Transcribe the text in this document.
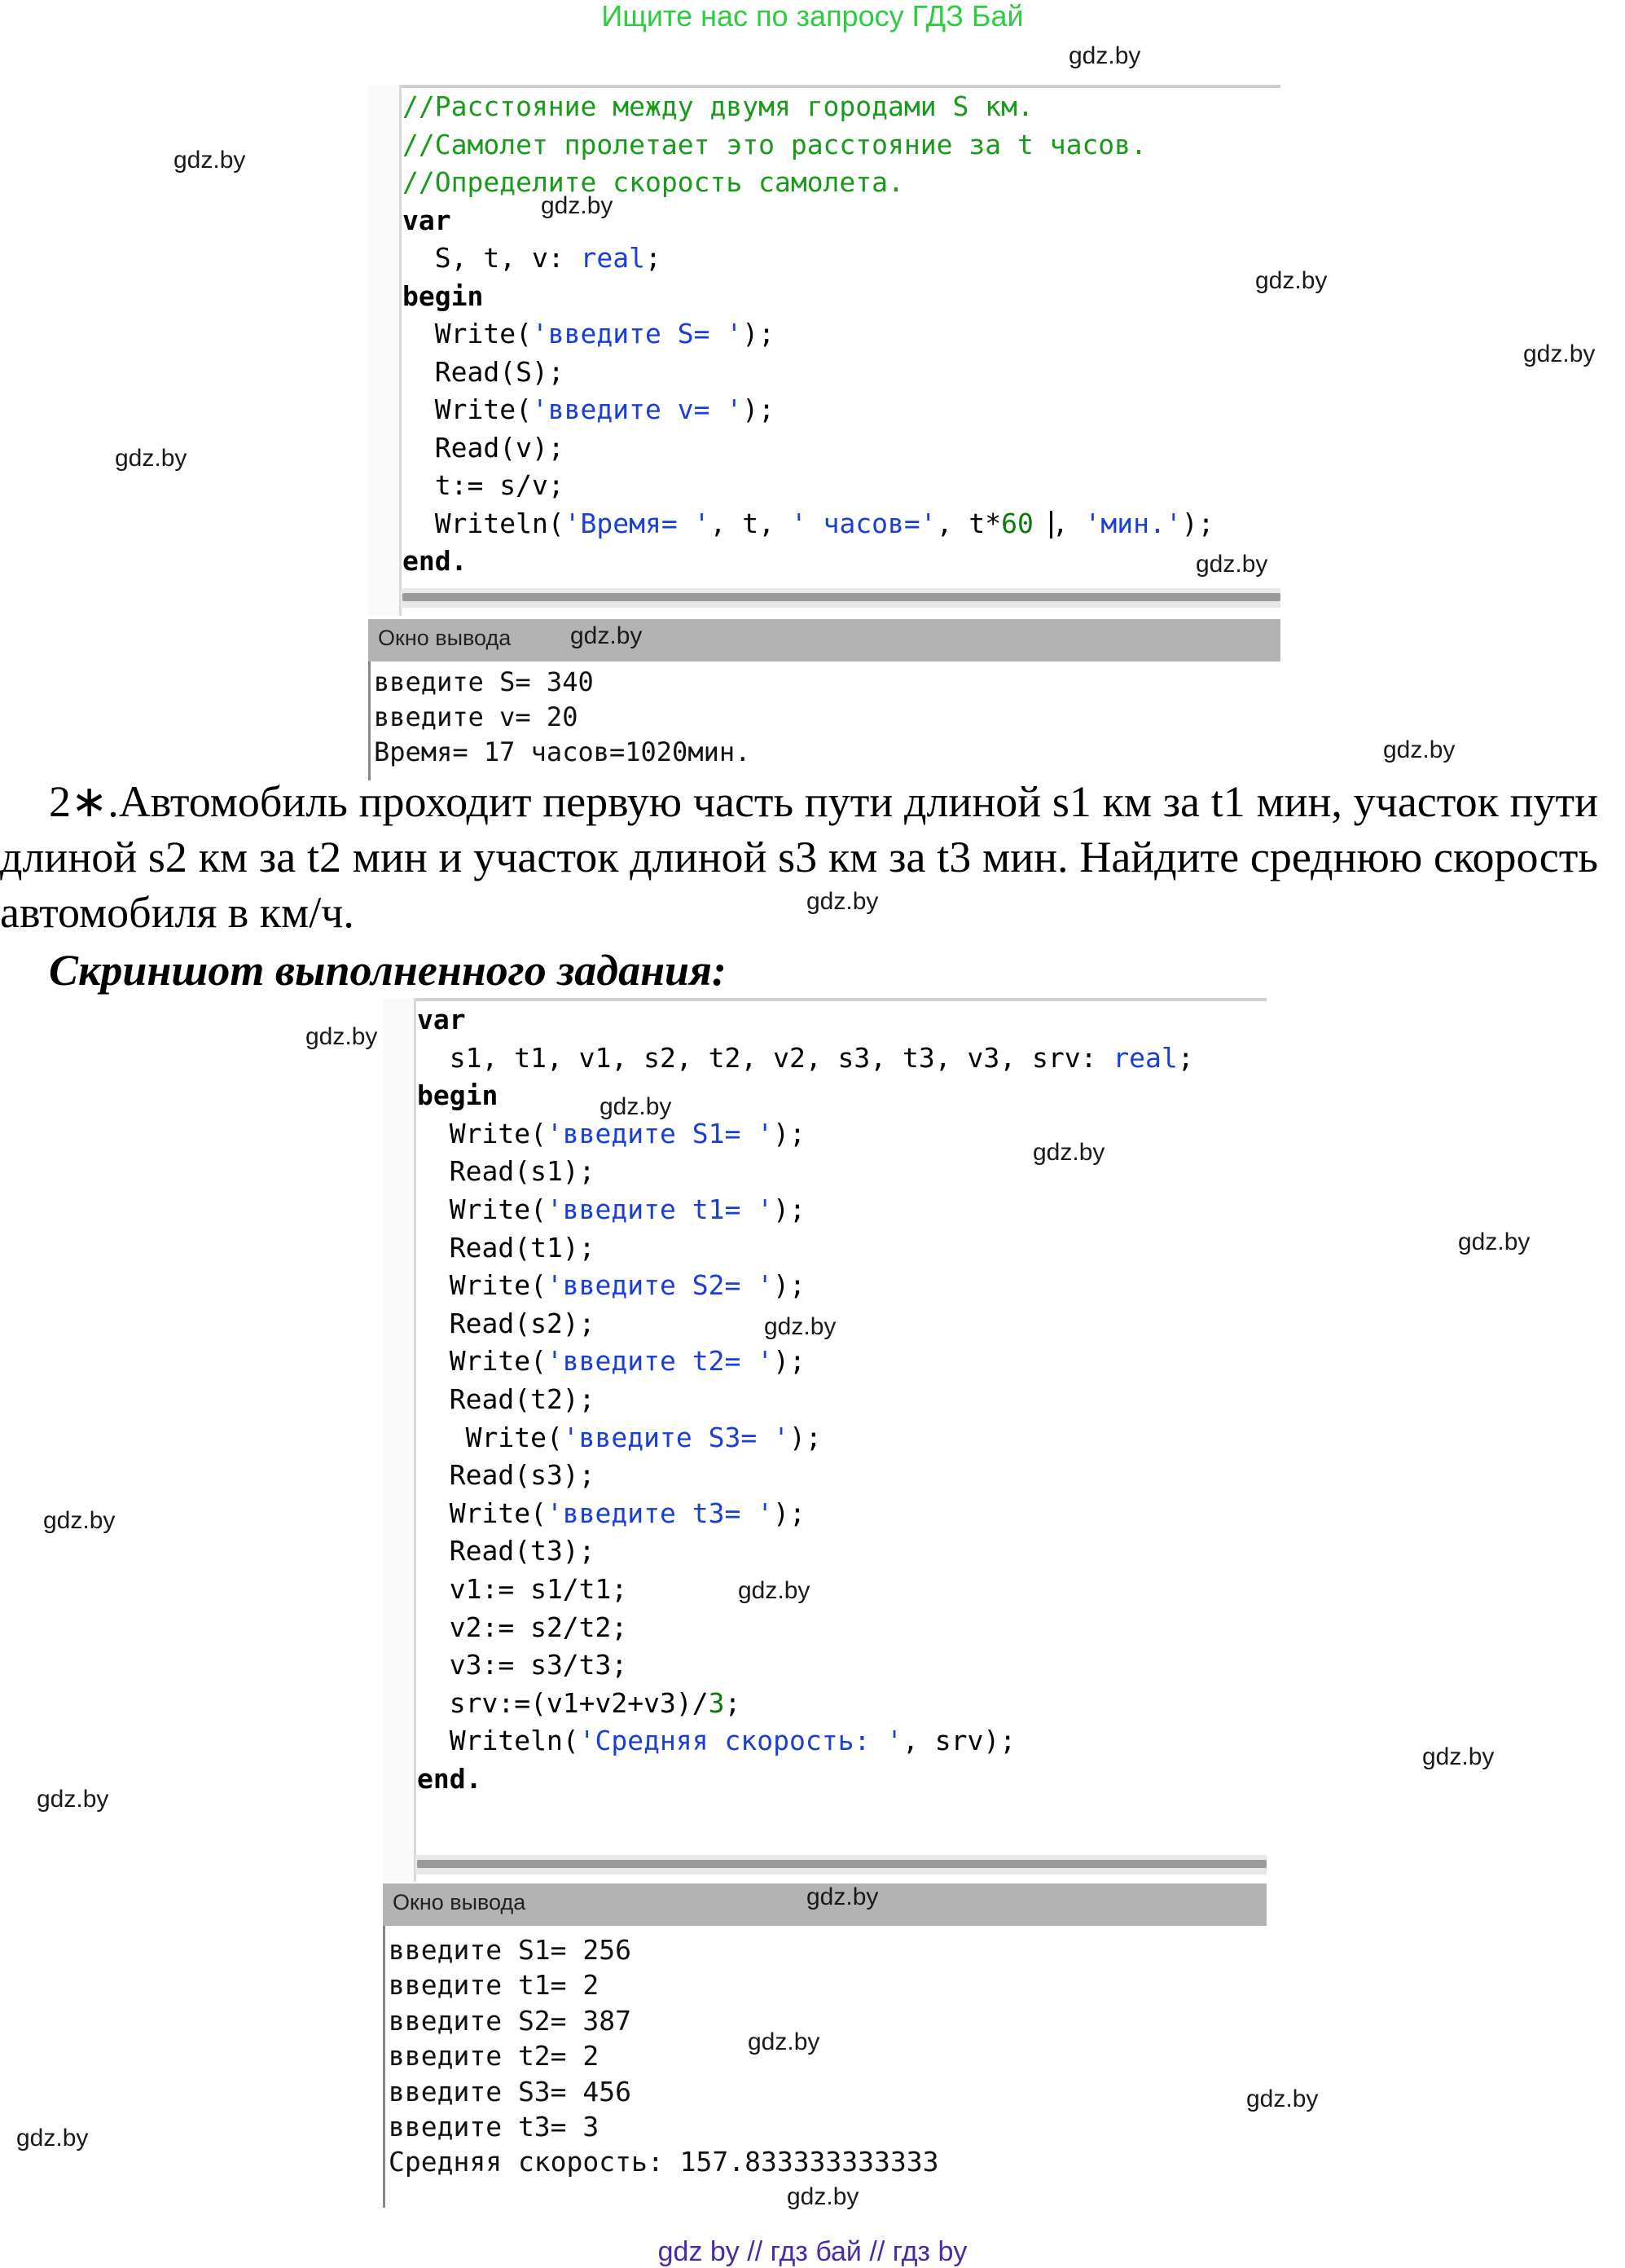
Ищите нас по запросу ГДЗ Бай
//Расстояние между двумя городами S км.
//Самолет пролетает это расстояние за t часов.
//Определите скорость самолета.
var
S, t, v: real;
begin
Write('введите S= ');
Read(S);
Write('введите v= ');
Read(v);
t:= s/v;
Writeln('Время= ', t, ' часов=', t*60 , 'мин.');
end.
Окно вывода
введите S= 340
введите v= 20
Время= 17 часов=1020мин.
2∗.Автомобиль проходит первую часть пути длиной s1 км за t1 мин, участок пути длиной s2 км за t2 мин и участок длиной s3 км за t3 мин. Найдите среднюю скорость автомобиля в км/ч.
Скриншот выполненного задания:
var
s1, t1, v1, s2, t2, v2, s3, t3, v3, srv: real;
begin
Write('введите S1= ');
Read(s1);
Write('введите t1= ');
Read(t1);
Write('введите S2= ');
Read(s2);
Write('введите t2= ');
Read(t2);
Write('введите S3= ');
Read(s3);
Write('введите t3= ');
Read(t3);
v1:= s1/t1;
v2:= s2/t2;
v3:= s3/t3;
srv:=(v1+v2+v3)/3;
Writeln('Средняя скорость: ', srv);
end.
Окно вывода
введите S1= 256
введите t1= 2
введите S2= 387
введите t2= 2
введите S3= 456
введите t3= 3
Средняя скорость: 157.833333333333
gdz.by
gdz.by
gdz.by
gdz.by
gdz.by
gdz.by
gdz.by
gdz.by
gdz.by
gdz.by
gdz.by
gdz.by
gdz.by
gdz.by
gdz.by
gdz.by
gdz.by
gdz.by
gdz.by
gdz.by
gdz.by
gdz.by
gdz.by
gdz.by
gdz by // гдз бай // гдз by
